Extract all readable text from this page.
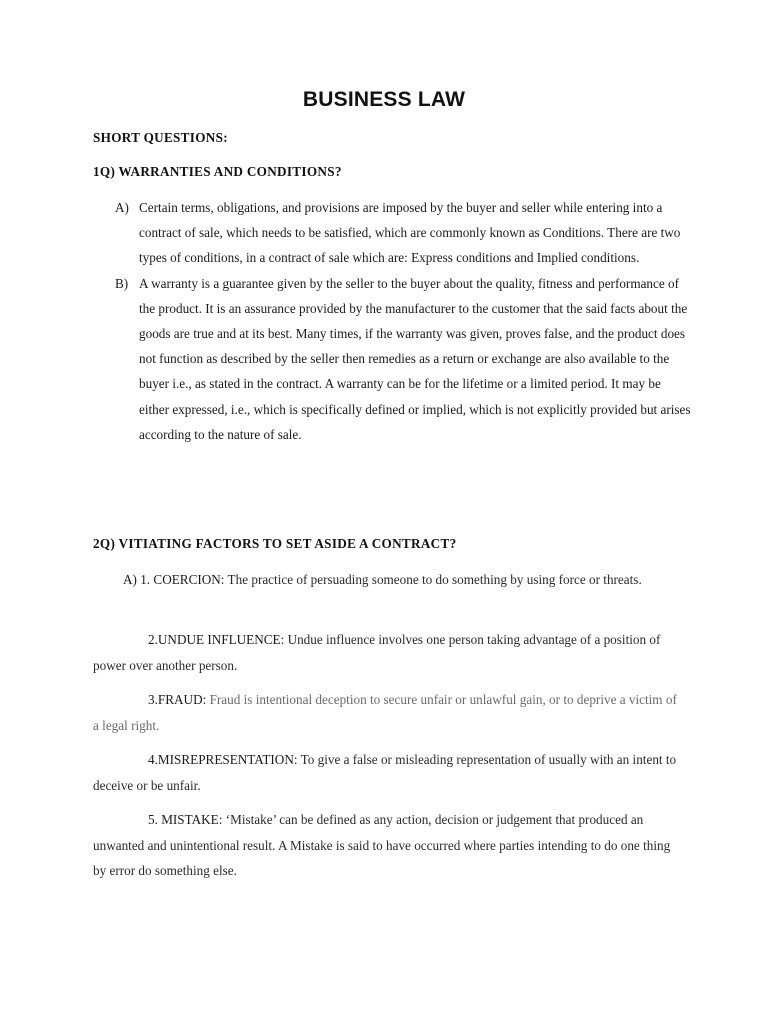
BUSINESS LAW
SHORT QUESTIONS:
1Q) WARRANTIES AND CONDITIONS?
A) Certain terms, obligations, and provisions are imposed by the buyer and seller while entering into a contract of sale, which needs to be satisfied, which are commonly known as Conditions. There are two types of conditions, in a contract of sale which are: Express conditions and Implied conditions.
B) A warranty is a guarantee given by the seller to the buyer about the quality, fitness and performance of the product. It is an assurance provided by the manufacturer to the customer that the said facts about the goods are true and at its best. Many times, if the warranty was given, proves false, and the product does not function as described by the seller then remedies as a return or exchange are also available to the buyer i.e., as stated in the contract. A warranty can be for the lifetime or a limited period. It may be either expressed, i.e., which is specifically defined or implied, which is not explicitly provided but arises according to the nature of sale.
2Q) VITIATING FACTORS TO SET ASIDE A CONTRACT?
A) 1. COERCION: The practice of persuading someone to do something by using force or threats.
2.UNDUE INFLUENCE: Undue influence involves one person taking advantage of a position of power over another person.
3.FRAUD: Fraud is intentional deception to secure unfair or unlawful gain, or to deprive a victim of a legal right.
4.MISREPRESENTATION: To give a false or misleading representation of usually with an intent to deceive or be unfair.
5. MISTAKE: ‘Mistake’ can be defined as any action, decision or judgement that produced an unwanted and unintentional result. A Mistake is said to have occurred where parties intending to do one thing by error do something else.
